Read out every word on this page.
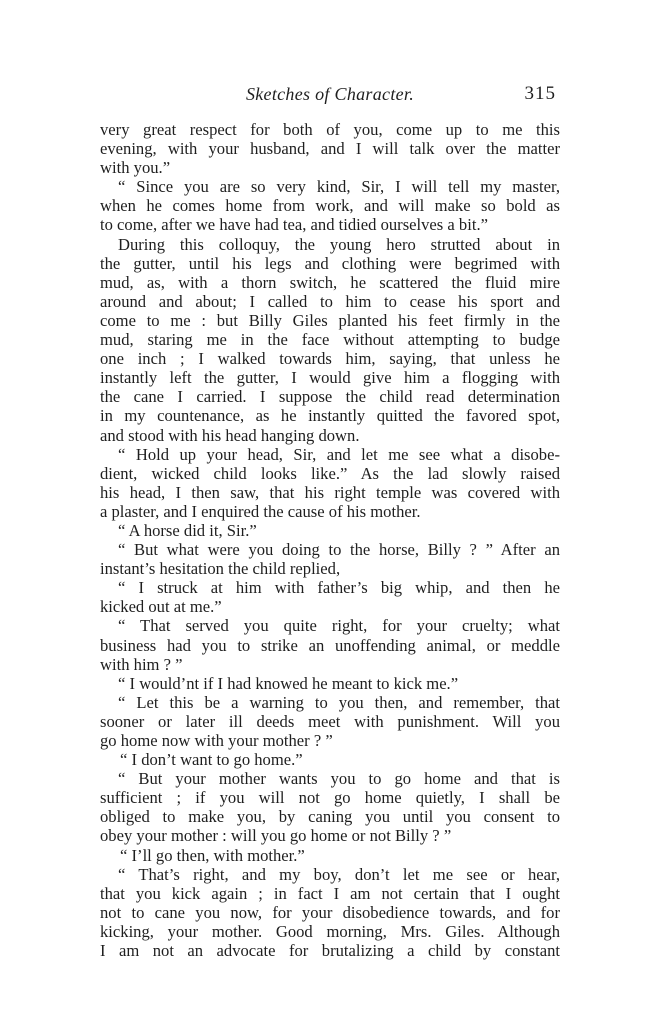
Sketches of Character.	315
very great respect for both of you, come up to me this
evening, with your husband, and I will talk over the matter
with you.”
“ Since you are so very kind, Sir, I will tell my master,
when he comes home from work, and will make so bold as
to come, after we have had tea, and tidied ourselves a bit.”
During this colloquy, the young hero strutted about in
the gutter, until his legs and clothing were begrimed with
mud, as, with a thorn switch, he scattered the fluid mire
around and about; I called to him to cease his sport and
come to me : but Billy Giles planted his feet firmly in the
mud, staring me in the face without attempting to budge
one inch ; I walked towards him, saying, that unless he
instantly left the gutter, I would give him a flogging with
the cane I carried. I suppose the child read determination
in my countenance, as he instantly quitted the favored spot,
and stood with his head hanging down.
“ Hold up your head, Sir, and let me see what a disobe-
dient, wicked child looks like.” As the lad slowly raised
his head, I then saw, that his right temple was covered with
a plaster, and I enquired the cause of his mother.
“ A horse did it, Sir.”
“ But what were you doing to the horse, Billy ? ” After an
instant’s hesitation the child replied,
“ I struck at him with father’s big whip, and then he
kicked out at me.”
“ That served you quite right, for your cruelty; what
business had you to strike an unoffending animal, or meddle
with him ? ”
“ I would’nt if I had knowed he meant to kick me.”
“ Let this be a warning to you then, and remember, that
sooner or later ill deeds meet with punishment. Will you
go home now with your mother ? ”
“ I don’t want to go home.”
“ But your mother wants you to go home and that is
sufficient ; if you will not go home quietly, I shall be
obliged to make you, by caning you until you consent to
obey your mother : will you go home or not Billy ? ”
“ I’ll go then, with mother.”
“ That’s right, and my boy, don’t let me see or hear,
that you kick again ; in fact I am not certain that I ought
not to cane you now, for your disobedience towards, and for
kicking, your mother. Good morning, Mrs. Giles. Although
I am not an advocate for brutalizing a child by constant
